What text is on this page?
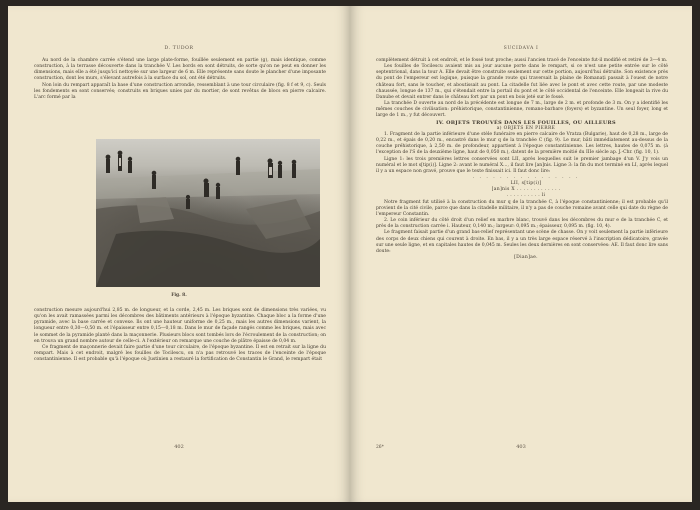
D. TUDOR

Au nord de la chambre carrée s'étend une large plate-forme, fouillée seulement en partie (g), mais identique, comme construction, à la terrasse découverte dans la tranchée V. Les bords en sont détruits, de sorte qu'on ne peut en donner les dimensions, mais elle a été jusqu'ici nettoyée sur une largeur de 6 m. Elle représente sans doute le plancher d'une imposante construction, dont les murs, s'élevant autrefois à la surface du sol, ont été détruits.

Non loin du rempart apparaît la base d'une construction arrondie, ressemblant à une tour circulaire (fig. 8 f et 9, c). Seuls les fondements en sont conservés; construits en briques unies par du mortier, de sont revêtus de blocs en pierre calcaire. L'arc formé par la

Fig. 8.

construction mesure aujourd'hui 2,85 m. de longueur, et la corde, 2,45 m. Les briques sont de dimensions très variées, vu qu'on les avait ramassées parmi les décombres des bâtiments antérieurs à l'époque byzantine. Chaque bloc a la forme d'une pyramide, avec la base carrée et convexe. Ils ont une hauteur uniforme de 0,25 m., mais les autres dimensions varient, la longueur entre 0,30—0,50 m. et l'épaisseur entre 0,15—0,18 m. Dans le mur de façade rangés comme les briques, mais avec le sommet de la pyramide planté dans la maçonnerie. Plusieurs blocs sont tombés lors de l'écroulement de la construction; on en trouva un grand nombre autour de celle-ci. A l'extérieur on remarque une couche de plâtre épaisse de 0,04 m.

Ce fragment de maçonnerie devait faire partie d'une tour circulaire, de l'époque byzantine. Il est en retrait sur la ligne du rempart. Mais à cet endroit, malgré les fouilles de Tocilescu, on n'a pas retrouvé les traces de l'enceinte de l'époque constantinienne. Il est probable qu'à l'époque où Justinien a restauré la fortification de Constantin le Grand, le rempart était

402
SUCIDAVA I

complètement détruit à cet endroit, et le fossé tout proche; aussi l'ancien tracé de l'enceinte fut-il modifié et retiré de 3—4 m.

Les fouilles de Tocilescu avaient mis au jour aucune porte dans le rempart, si ce n'est une petite entrée sur le côté septentrional, dans la tour A. Elle devait être construite seulement sur cette portion, aujourd'hui détruite. Son existence près du pont de l'empereur est logique, puisque la grande route qui traversait la plaine de Romanați passait à l'ouest de notre château fort, sans le toucher, et aboutissait au pont. La citadelle fut liée avec le pont et avec cette route, par une modeste chaussée, longue de 137 m., qui s'étendait entre la portail du pont et le côté occidental de l'enceinte. Elle longeait la rive du Danube et devait entrer dans le château fort par un pont en bois jeté sur le fossé.

La tranchée D ouverte au nord de la précédente est longue de 7 m., large de 2 m. et profonde de 3 m. On y a identifié les mêmes couches de civilisation: préhistorique, constantinienne, romano-barbare (foyers) et byzantine. Un seul foyer, long et large de 1 m., y fut découvert.

IV. OBJETS TROUVÉS DANS LES FOUILLES, OU AILLEURS

a) OBJETS EN PIERRE

1. Fragment de la partie inférieure d'une stèle funéraire en pierre calcaire de Vratza (Bulgarie), haut de 0,28 m., large de 0,22 m., et épais de 0,20 m., encastré dans le mur q de la tranchée C (fig. 9). Le mur, bâti immédiatement au-dessus de la couche préhistorique, à 2,50 m. de profondeur, appartient à l'époque constantinienne. Les lettres, hautes de 0,075 m. (à l'exception de l'S de la deuxième ligne, haut de 0,050 m.), datent de la première moitié du IIIe siècle ap. J.-Chr. (fig. 10, 1).

Ligne 1: les trois premières lettres conservées sont LII, après lesquelles suit le premier jambage d'un V. J'y vois un numéral et le mot s[tip(i)]. Ligne 2: avant le numéral X..., il faut lire [an]nis. Ligne 3: la fin du mot terminé en LI, après lequel il y a un espace non gravé, prouve que le texte finissait ici. Il faut donc lire:

. . . . . . . . . . . . . . . .

LII, s[tip(i)]

[an]nis X . . . . . . . . . . . . .

. . . . . . . . . . li

Notre fragment fut utilisé à la construction du mur q de la tranchée C, à l'époque constantinienne; il est probable qu'il provient de la cité civile, parce que dans la citadelle militaire, il n'y a pas de couche romaine avant celle qui date du règne de l'empereur Constantin.

2. Le coin inférieur du côté droit d'un relief en marbre blanc, trouvé dans les décombres du mur e de la tranchée C, et près de la construction carrée i. Hauteur, 0,140 m.; largeur: 0,095 m.; épaisseur, 0,095 m. (fig. 10, 4).

Le fragment faisait partie d'un grand bas-relief représentant une scène de chasse. On y voit seulement la partie inférieure des corps de deux chiens qui courent à droite. En bas, il y a un très large espace réservé à l'inscription dédicatoire, gravée sur une seule ligne, et en capitales hautes de 0,045 m. Seules les deux dernières en sont conservées: AE. Il faut donc lire sans doute:

[Dian]ae.

26*	403
